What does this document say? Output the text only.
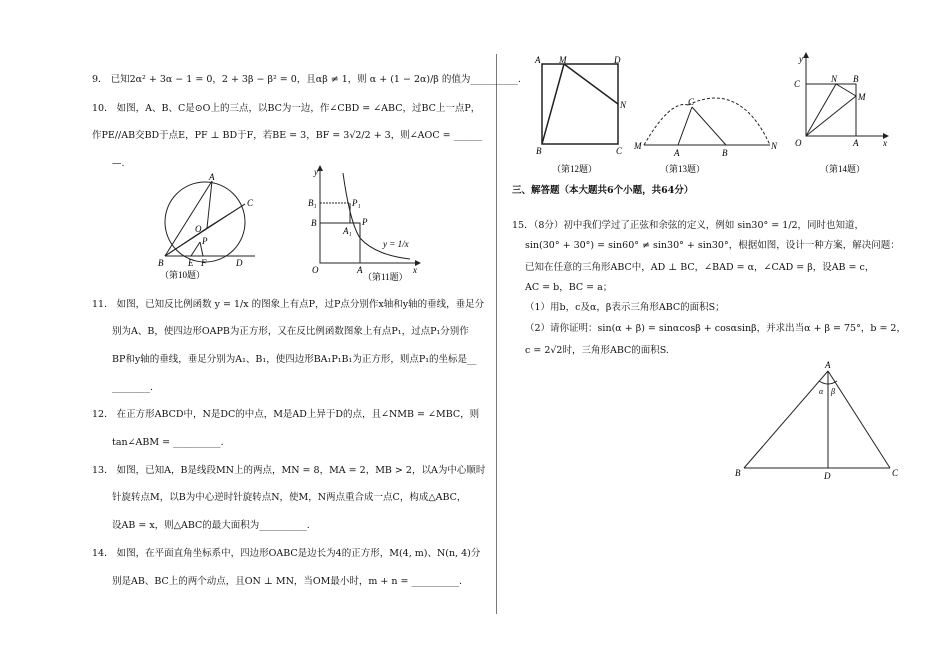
9． 已知2α² + 3α − 1 = 0，2 + 3β − β² = 0，且αβ ≠ 1，则 α + (1 − 2α)/β 的值为__________.
10． 如图，A、B、C是⊙O上的三点，以BC为一边，作∠CBD = ∠ABC，过BC上一点P，
作PE//AB交BD于点E，PF ⊥ BD于F，若BE = 3，BF = 3√2/2 + 3，则∠AOC = ______
—.
A
C
O
P
B	E F	D
（第10题）
y
B₁
B
P₁
P
A₁
O	A	x
y = 1/x
（第11题）
11． 如图，已知反比例函数 y = 1/x 的图象上有点P，过P点分别作x轴和y轴的垂线，垂足分
别为A、B，使四边形OAPB为正方形，又在反比例函数图象上有点P₁，过点P₁分别作
BP和y轴的垂线，垂足分别为A₁、B₁，使四边形BA₁P₁B₁为正方形，则点P₁的坐标是__
________.
12． 在正方形ABCD中，N是DC的中点，M是AD上异于D的点，且∠NMB = ∠MBC，则
tan∠ABM = __________.
13． 如图，已知A，B是线段MN上的两点，MN = 8，MA = 2，MB > 2，以A为中心顺时
针旋转点M，以B为中心逆时针旋转点N，使M，N两点重合成一点C，构成△ABC，
设AB = x，则△ABC的最大面积为__________.
14． 如图，在平面直角坐标系中，四边形OABC是边长为4的正方形，M(4, m)、N(n, 4)分
别是AB、BC上的两个动点，且ON ⊥ MN，当OM最小时，m + n = __________.
A M	D
N
B	C
（第12题）
C
M
A	B
N
（第13题）
y
C	N B
M
O	A	x
（第14题）
三、解答题（本大题共6个小题，共64分）
15．（8分）初中我们学过了正弦和余弦的定义，例如 sin30° = 1/2，同时也知道，
sin(30° + 30°) = sin60° ≠ sin30° + sin30°，根据如图，设计一种方案，解决问题：
已知在任意的三角形ABC中，AD ⊥ BC，∠BAD = α，∠CAD = β，设AB = c，
AC = b，BC = a；
（1）用b，c及α，β表示三角形ABC的面积S；
（2）请你证明：sin(α + β) = sinαcosβ + cosαsinβ，并求出当α + β = 75°，b = 2，
c = 2√2时，三角形ABC的面积S.
A
α β
B	D	C
